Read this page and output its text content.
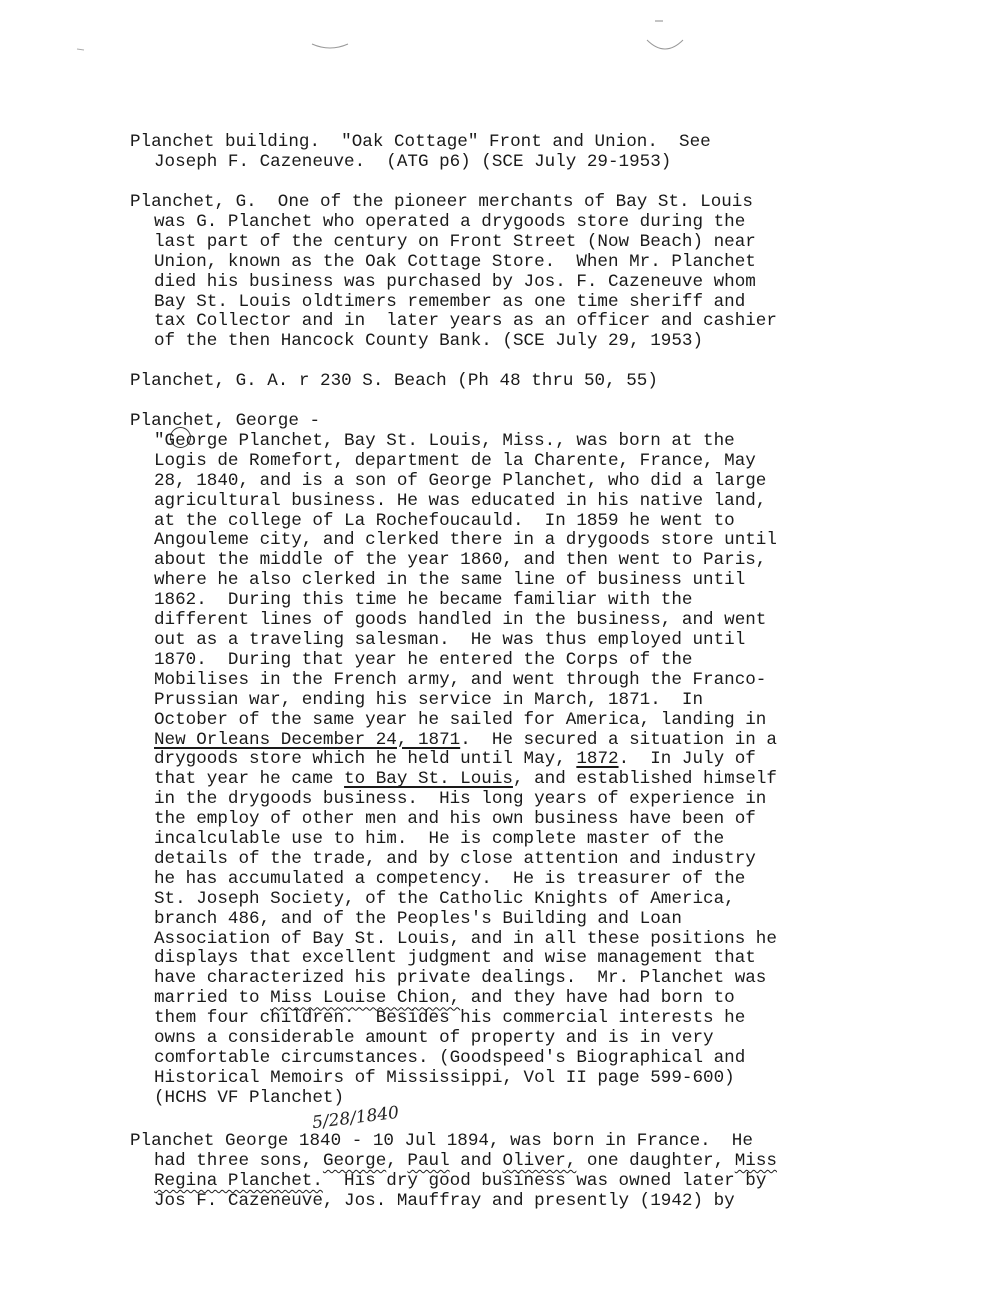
Planchet building.  "Oak Cottage" Front and Union.  See
Joseph F. Cazeneuve.  (ATG p6) (SCE July 29-1953)
Planchet, G.  One of the pioneer merchants of Bay St. Louis
was G. Planchet who operated a drygoods store during the
last part of the century on Front Street (Now Beach) near
Union, known as the Oak Cottage Store.  When Mr. Planchet
died his business was purchased by Jos. F. Cazeneuve whom
Bay St. Louis oldtimers remember as one time sheriff and
tax Collector and in  later years as an officer and cashier
of the then Hancock County Bank. (SCE July 29, 1953)
Planchet, G. A. r 230 S. Beach (Ph 48 thru 50, 55)
Planchet, George -
"George Planchet, Bay St. Louis, Miss., was born at the
Logis de Romefort, department de la Charente, France, May
28, 1840, and is a son of George Planchet, who did a large
agricultural business. He was educated in his native land,
at the college of La Rochefoucauld.  In 1859 he went to
Angouleme city, and clerked there in a drygoods store until
about the middle of the year 1860, and then went to Paris,
where he also clerked in the same line of business until
1862.  During this time he became familiar with the
different lines of goods handled in the business, and went
out as a traveling salesman.  He was thus employed until
1870.  During that year he entered the Corps of the
Mobilises in the French army, and went through the Franco-
Prussian war, ending his service in March, 1871.  In
October of the same year he sailed for America, landing in
New Orleans December 24, 1871.  He secured a situation in a
drygoods store which he held until May, 1872.  In July of
that year he came to Bay St. Louis, and established himself
in the drygoods business.  His long years of experience in
the employ of other men and his own business have been of
incalculable use to him.  He is complete master of the
details of the trade, and by close attention and industry
he has accumulated a competency.  He is treasurer of the
St. Joseph Society, of the Catholic Knights of America,
branch 486, and of the Peoples's Building and Loan
Association of Bay St. Louis, and in all these positions he
displays that excellent judgment and wise management that
have characterized his private dealings.  Mr. Planchet was
married to Miss Louise Chion, and they have had born to
them four children.  Besides his commercial interests he
owns a considerable amount of property and is in very
comfortable circumstances. (Goodspeed's Biographical and
Historical Memoirs of Mississippi, Vol II page 599-600)
(HCHS VF Planchet)
5/28/1840
Planchet George 1840 - 10 Jul 1894, was born in France.  He
had three sons, George, Paul and Oliver, one daughter, Miss
Regina Planchet.  His dry good business was owned later by
Jos F. Cazeneuve, Jos. Mauffray and presently (1942) by
